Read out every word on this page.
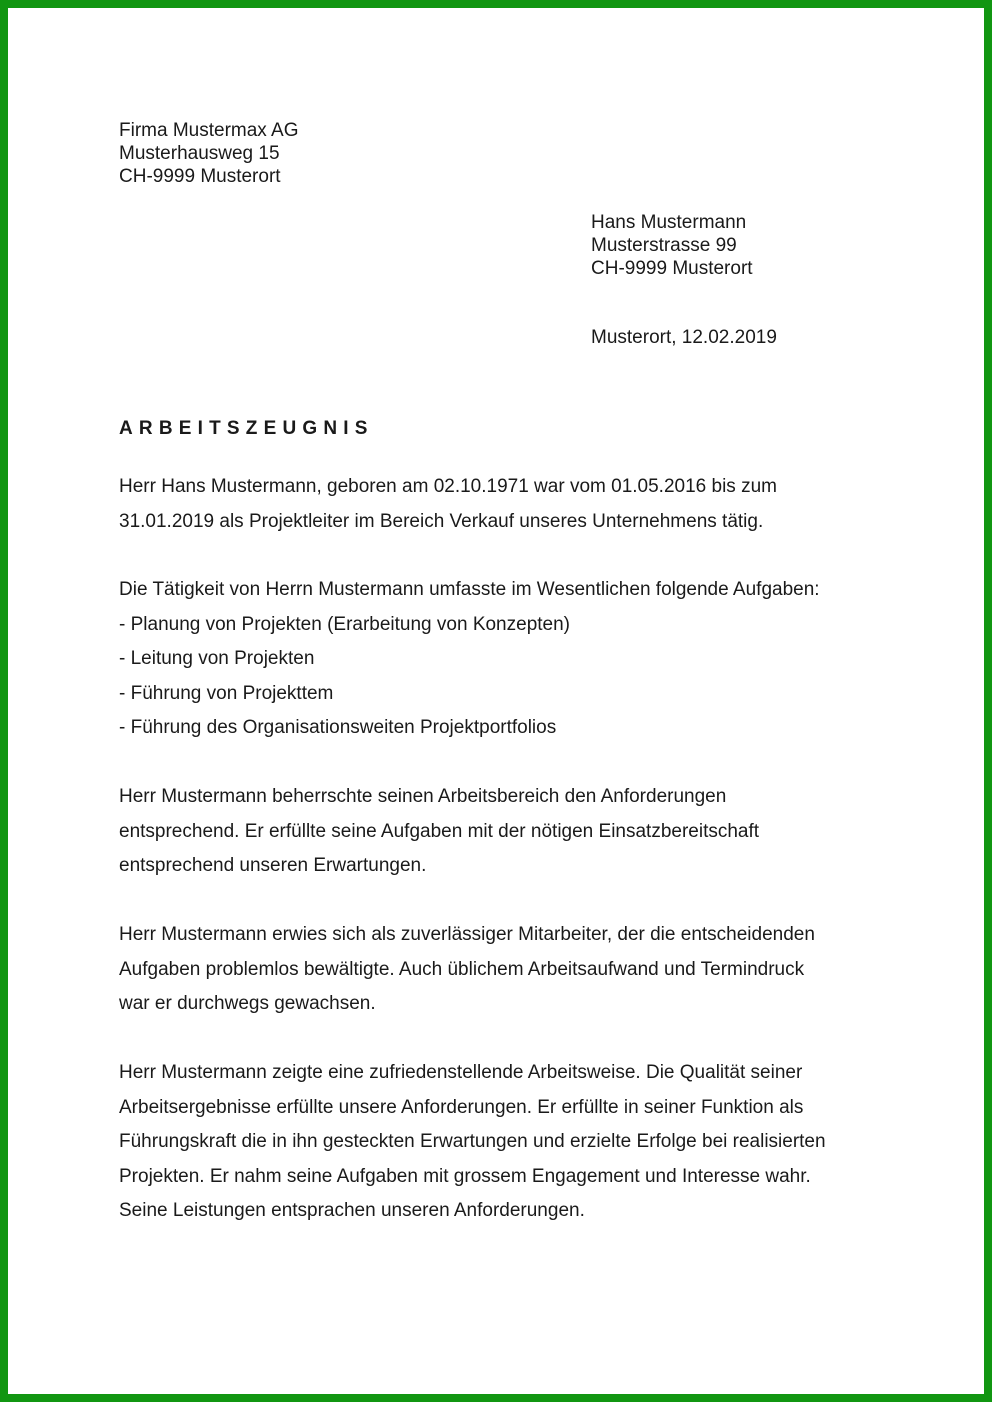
Firma Mustermax AG

Musterhausweg 15

CH-9999 Musterort

Hans Mustermann

Musterstrasse 99

CH-9999 Musterort

Musterort, 12.02.2019

ARBEITSZEUGNIS
Herr Hans Mustermann, geboren am 02.10.1971 war vom 01.05.2016 bis zum
31.01.2019 als Projektleiter im Bereich Verkauf unseres Unternehmens tätig.
Die Tätigkeit von Herrn Mustermann umfasste im Wesentlichen folgende Aufgaben:
- Planung von Projekten (Erarbeitung von Konzepten)
- Leitung von Projekten
- Führung von Projekttem
- Führung des Organisationsweiten Projektportfolios
Herr Mustermann beherrschte seinen Arbeitsbereich den Anforderungen
entsprechend. Er erfüllte seine Aufgaben mit der nötigen Einsatzbereitschaft
entsprechend unseren Erwartungen.
Herr Mustermann erwies sich als zuverlässiger Mitarbeiter, der die entscheidenden
Aufgaben problemlos bewältigte. Auch üblichem Arbeitsaufwand und Termindruck
war er durchwegs gewachsen.
Herr Mustermann zeigte eine zufriedenstellende Arbeitsweise. Die Qualität seiner
Arbeitsergebnisse erfüllte unsere Anforderungen. Er erfüllte in seiner Funktion als
Führungskraft die in ihn gesteckten Erwartungen und erzielte Erfolge bei realisierten
Projekten. Er nahm seine Aufgaben mit grossem Engagement und Interesse wahr.
Seine Leistungen entsprachen unseren Anforderungen.
